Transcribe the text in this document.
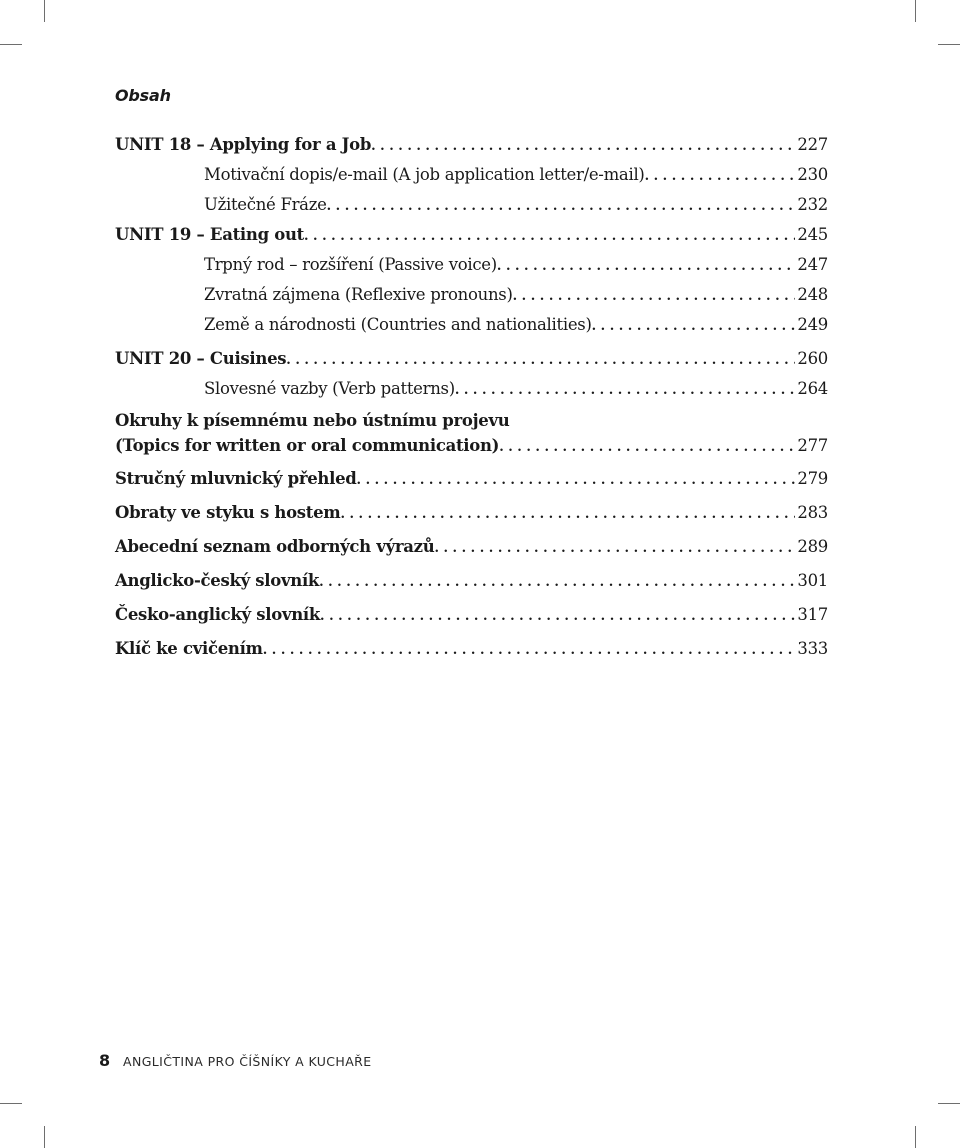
Obsah
UNIT 18 – Applying for a Job . . .	227
Motivační dopis/e-mail (A job application letter/e-mail) . . .	230
Užitečné Fráze . . .	232
UNIT 19 – Eating out . . .	245
Trpný rod – rozšíření (Passive voice) . . .	247
Zvratná zájmena (Reflexive pronouns) . . .	248
Země a národnosti (Countries and nationalities) . . .	249
UNIT 20 – Cuisines . . .	260
Slovesné vazby (Verb patterns) . . .	264
Okruhy k písemnému nebo ústnímu projevu
(Topics for written or oral communication) . . .	277
Stručný mluvnický přehled . . .	279
Obraty ve styku s hostem . . .	283
Abecední seznam odborných výrazů . . .	289
Anglicko-český slovník . . .	301
Česko-anglický slovník . . .	317
Klíč ke cvičením . . .	333
8 ANGLIČTINA PRO ČÍŠNÍKY A KUCHAŘE
